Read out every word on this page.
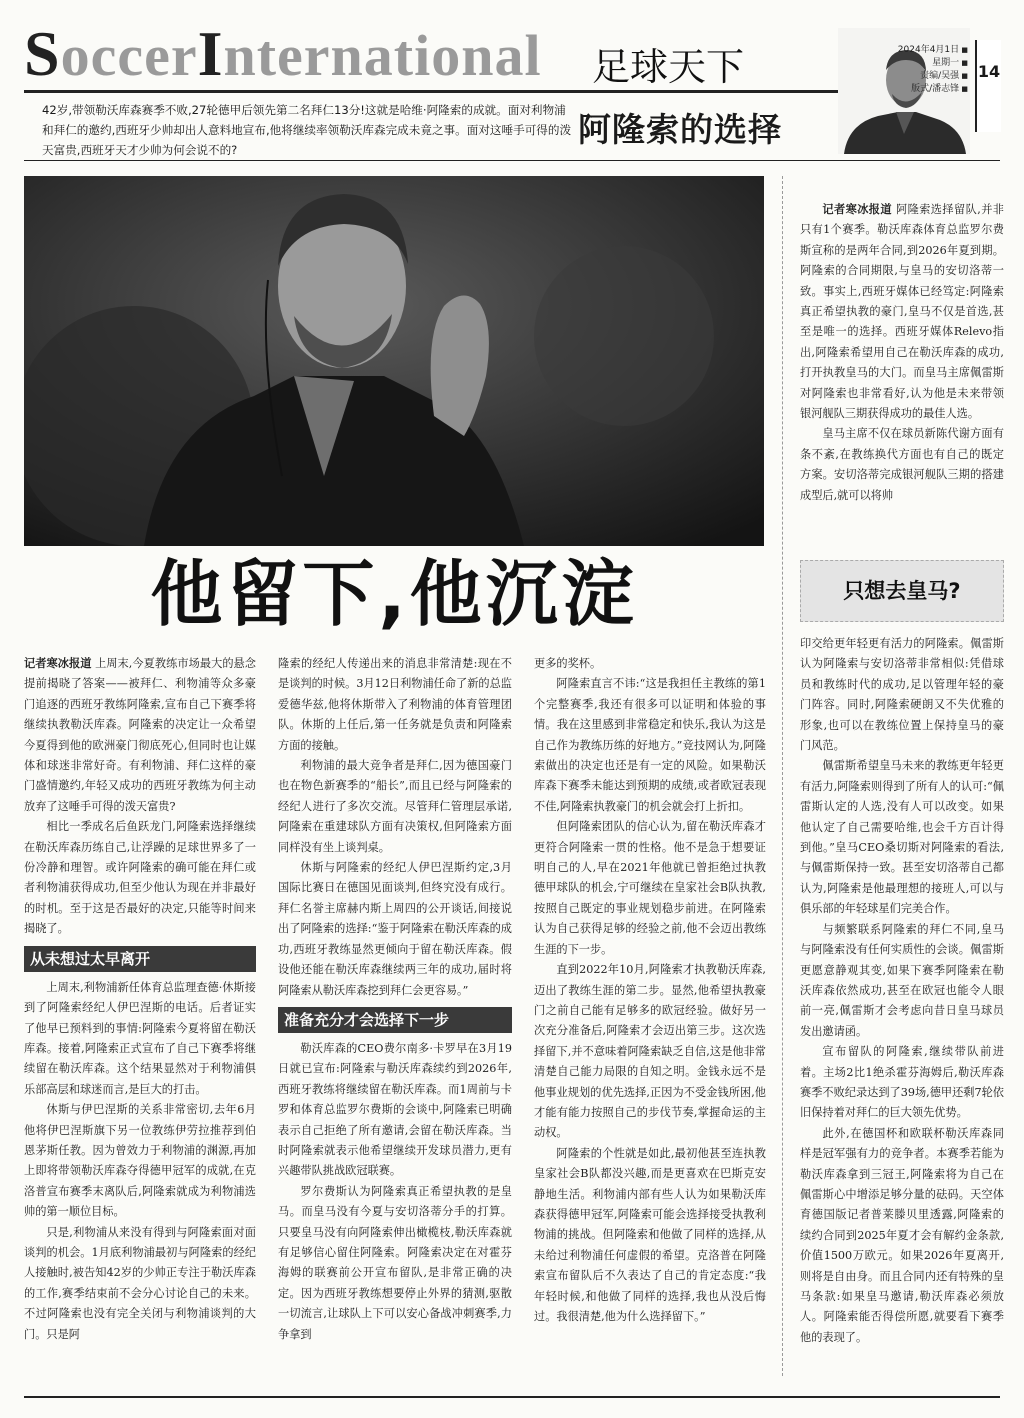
SoccerInternational 足球天下	2024年4月1日 ■
星期一 ■
责编/吴强 ■
版式/潘志锋 ■
14
42岁,带领勒沃库森赛季不败,27轮德甲后领先第二名拜仁13分!这就是哈维·阿隆索的成就。面对利物浦和拜仁的邀约,西班牙少帅却出人意料地宣布,他将继续率领勒沃库森完成未竟之事。面对这唾手可得的泼天富贵,西班牙天才少帅为何会说不的?
阿隆索的选择
他留下,他沉淀

记者寒冰报道 上周末,今夏教练市场最大的悬念提前揭晓了答案——被拜仁、利物浦等众多豪门追逐的西班牙教练阿隆索,宣布自己下赛季将继续执教勒沃库森。阿隆索的决定让一众希望今夏得到他的欧洲豪门彻底死心,但同时也让媒体和球迷非常好奇。有利物浦、拜仁这样的豪门盛情邀约,年轻又成功的西班牙教练为何主动放弃了这唾手可得的泼天富贵?

相比一季成名后鱼跃龙门,阿隆索选择继续在勒沃库森历练自己,让浮躁的足球世界多了一份冷静和理智。或许阿隆索的确可能在拜仁或者利物浦获得成功,但至少他认为现在并非最好的时机。至于这是否最好的决定,只能等时间来揭晓了。

从未想过太早离开

上周末,利物浦新任体育总监理查德·休斯接到了阿隆索经纪人伊巴涅斯的电话。后者证实了他早已预料到的事情:阿隆索今夏将留在勒沃库森。接着,阿隆索正式宣布了自己下赛季将继续留在勒沃库森。这个结果显然对于利物浦俱乐部高层和球迷而言,是巨大的打击。

休斯与伊巴涅斯的关系非常密切,去年6月他将伊巴涅斯旗下另一位教练伊劳拉推荐到伯恩茅斯任教。因为曾效力于利物浦的渊源,再加上即将带领勒沃库森夺得德甲冠军的成就,在克洛普宣布赛季末离队后,阿隆索就成为利物浦选帅的第一顺位目标。

只是,利物浦从来没有得到与阿隆索面对面谈判的机会。1月底利物浦最初与阿隆索的经纪人接触时,被告知42岁的少帅正专注于勒沃库森的工作,赛季结束前不会分心讨论自己的未来。不过阿隆索也没有完全关闭与利物浦谈判的大门。只是阿

隆索的经纪人传递出来的消息非常清楚:现在不是谈判的时候。3月12日利物浦任命了新的总监爱德华兹,他将休斯带入了利物浦的体育管理团队。休斯的上任后,第一任务就是负责和阿隆索方面的接触。

利物浦的最大竞争者是拜仁,因为德国豪门也在物色新赛季的“船长”,而且已经与阿隆索的经纪人进行了多次交流。尽管拜仁管理层承诺,阿隆索在重建球队方面有决策权,但阿隆索方面同样没有坐上谈判桌。

休斯与阿隆索的经纪人伊巴涅斯约定,3月国际比赛日在德国见面谈判,但终究没有成行。拜仁名誉主席赫内斯上周四的公开谈话,间接说出了阿隆索的选择:“鉴于阿隆索在勒沃库森的成功,西班牙教练显然更倾向于留在勒沃库森。假设他还能在勒沃库森继续两三年的成功,届时将阿隆索从勒沃库森挖到拜仁会更容易。”

准备充分才会选择下一步

勒沃库森的CEO费尔南多·卡罗早在3月19日就已宣布:阿隆索与勒沃库森续约到2026年,西班牙教练将继续留在勒沃库森。而1周前与卡罗和体育总监罗尔费斯的会谈中,阿隆索已明确表示自己拒绝了所有邀请,会留在勒沃库森。当时阿隆索就表示他希望继续开发球员潜力,更有兴趣带队挑战欧冠联赛。

罗尔费斯认为阿隆索真正希望执教的是皇马。而皇马没有今夏与安切洛蒂分手的打算。只要皇马没有向阿隆索伸出橄榄枝,勒沃库森就有足够信心留住阿隆索。阿隆索决定在对霍芬海姆的联赛前公开宣布留队,是非常正确的决定。因为西班牙教练想要停止外界的猜测,驱散一切流言,让球队上下可以安心备战冲刺赛季,力争拿到

更多的奖杯。

阿隆索直言不讳:“这是我担任主教练的第1个完整赛季,我还有很多可以证明和体验的事情。我在这里感到非常稳定和快乐,我认为这是自己作为教练历练的好地方。”竞技网认为,阿隆索做出的决定也还是有一定的风险。如果勒沃库森下赛季未能达到预期的成绩,或者欧冠表现不佳,阿隆索执教豪门的机会就会打上折扣。

但阿隆索团队的信心认为,留在勒沃库森才更符合阿隆索一贯的性格。他不是急于想要证明自己的人,早在2021年他就已曾拒绝过执教德甲球队的机会,宁可继续在皇家社会B队执教,按照自己既定的事业规划稳步前进。在阿隆索认为自己获得足够的经验之前,他不会迈出教练生涯的下一步。

直到2022年10月,阿隆索才执教勒沃库森,迈出了教练生涯的第二步。显然,他希望执教豪门之前自己能有足够多的欧冠经验。做好另一次充分准备后,阿隆索才会迈出第三步。这次选择留下,并不意味着阿隆索缺乏自信,这是他非常清楚自己能力局限的自知之明。金钱永远不是他事业规划的优先选择,正因为不受金钱所困,他才能有能力按照自己的步伐节奏,掌握命运的主动权。

阿隆索的个性就是如此,最初他甚至连执教皇家社会B队都没兴趣,而是更喜欢在巴斯克安静地生活。利物浦内部有些人认为如果勒沃库森获得德甲冠军,阿隆索可能会选择接受执教利物浦的挑战。但阿隆索和他做了同样的选择,从未给过利物浦任何虚假的希望。克洛普在阿隆索宣布留队后不久表达了自己的肯定态度:“我年轻时候,和他做了同样的选择,我也从没后悔过。我很清楚,他为什么选择留下。”

记者寒冰报道 阿隆索选择留队,并非只有1个赛季。勒沃库森体育总监罗尔费斯宣称的是两年合同,到2026年夏到期。阿隆索的合同期限,与皇马的安切洛蒂一致。事实上,西班牙媒体已经笃定:阿隆索真正希望执教的豪门,皇马不仅是首选,甚至是唯一的选择。西班牙媒体Relevo指出,阿隆索希望用自己在勒沃库森的成功,打开执教皇马的大门。而皇马主席佩雷斯对阿隆索也非常看好,认为他是未来带领银河舰队三期获得成功的最佳人选。

皇马主席不仅在球员新陈代谢方面有条不紊,在教练换代方面也有自己的既定方案。安切洛蒂完成银河舰队三期的搭建成型后,就可以将帅

只想去皇马?

印交给更年轻更有活力的阿隆索。佩雷斯认为阿隆索与安切洛蒂非常相似:凭借球员和教练时代的成功,足以管理年轻的豪门阵容。同时,阿隆索硬朗又不失优雅的形象,也可以在教练位置上保持皇马的豪门风范。

佩雷斯希望皇马未来的教练更年轻更有活力,阿隆索则得到了所有人的认可:“佩雷斯认定的人选,没有人可以改变。如果他认定了自己需要哈维,也会千方百计得到他。”皇马CEO桑切斯对阿隆索的看法,与佩雷斯保持一致。甚至安切洛蒂自己都认为,阿隆索是他最理想的接班人,可以与俱乐部的年轻球星们完美合作。

与频繁联系阿隆索的拜仁不同,皇马与阿隆索没有任何实质性的会谈。佩雷斯更愿意静观其变,如果下赛季阿隆索在勒沃库森依然成功,甚至在欧冠也能令人眼前一亮,佩雷斯才会考虑向昔日皇马球员发出邀请函。

宣布留队的阿隆索,继续带队前进着。主场2比1绝杀霍芬海姆后,勒沃库森赛季不败纪录达到了39场,德甲还剩7轮依旧保持着对拜仁的巨大领先优势。

此外,在德国杯和欧联杯勒沃库森同样是冠军强有力的竞争者。本赛季若能为勒沃库森拿到三冠王,阿隆索将为自己在佩雷斯心中增添足够分量的砝码。天空体育德国版记者普莱滕贝里透露,阿隆索的续约合同到2025年夏才会有解约金条款,价值1500万欧元。如果2026年夏离开,则将是自由身。而且合同内还有特殊的皇马条款:如果皇马邀请,勒沃库森必须放人。阿隆索能否得偿所愿,就要看下赛季他的表现了。
